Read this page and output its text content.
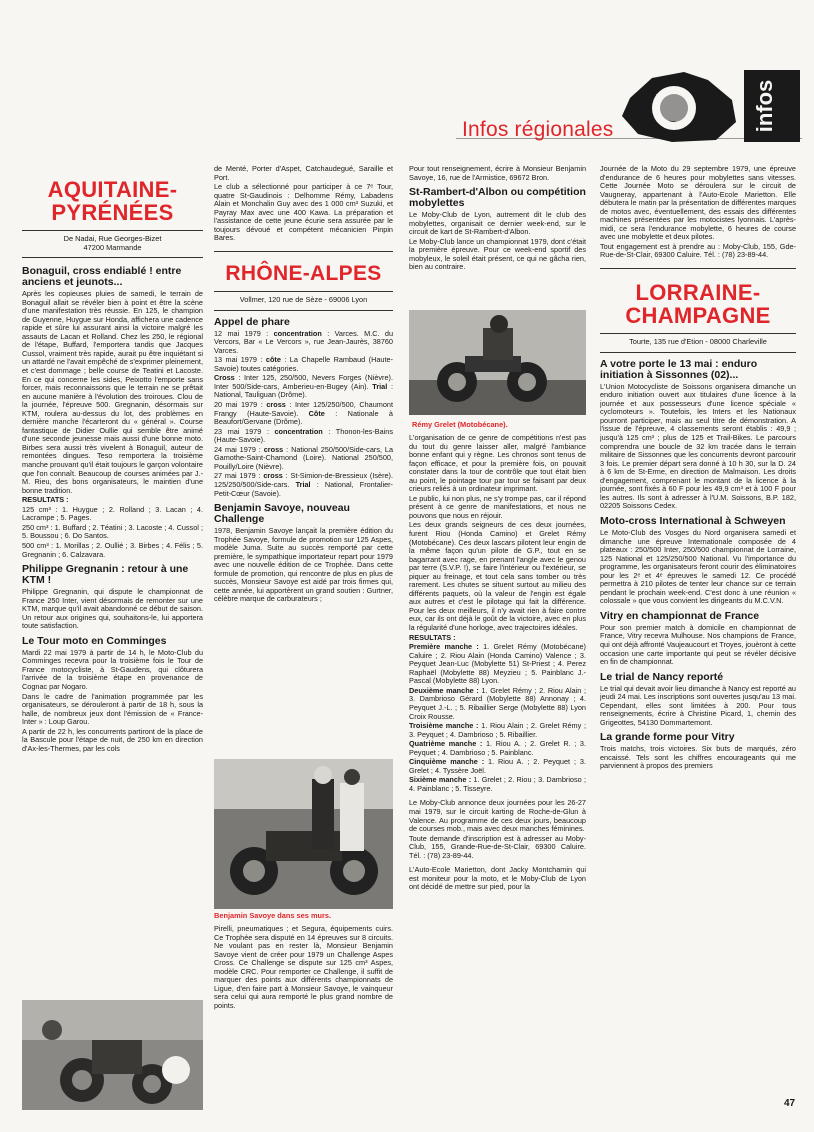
Infos régionales	infos
AQUITAINE-
PYRÉNÉES
De Nadai, Rue Georges-Bizet
47200 Marmande
Bonaguil, cross endiablé ! entre anciens et jeunots...

Après les copieuses pluies de samedi, le terrain de Bonaguil allait se révéler bien à point et être la scène d'une manifestation très réussie. En 125, le champion de Guyenne, Huygue sur Honda, affichera une cadence rapide et sûre lui assurant ainsi la victoire malgré les assauts de Lacan et Rolland. Chez les 250, le régional de l'étape, Buffard, l'emportera tandis que Jacques Cussol, vraiment très rapide, aurait pu être inquiétant si un attardé ne l'avait empêché de s'exprimer pleinement, et c'est dommage ; belle course de Teatini et Lacoste. En ce qui concerne les sides, Peixotto l'emporte sans forcer, mais reconnaissons que le terrain ne se prêtait en aucune manière à l'évolution des troiroues. Clou de la journée, l'épreuve 500. Gregnanin, désormais sur KTM, roulera au-dessus du lot, des problèmes en dernière manche l'écarteront du « général ». Course fantastique de Didier Oullie qui semble être animé d'une seconde jeunesse mais aussi d'une bonne moto. Birbes sera aussi très vivelent à Bonaguil, auteur de remontées dingues. Teso remportera la troisième manche prouvant qu'il était toujours le garçon volontaire que l'on connaît. Beaucoup de courses animées par J.-M. Rieu, des bons organisateurs, le maintien d'une bonne tradition.

RESULTATS :

125 cm³ : 1. Huygue ; 2. Rolland ; 3. Lacan ; 4. Lacrampe ; 5. Pages.

250 cm³ : 1. Buffard ; 2. Téatini ; 3. Lacoste ; 4. Cussol ; 5. Boussou ; 6. Do Santos.

500 cm³ : 1. Morillas ; 2. Oullié ; 3. Birbes ; 4. Félis ; 5. Gregnanin ; 6. Calzavara.

Philippe Gregnanin : retour à une KTM !

Philippe Gregnanin, qui dispute le championnat de France 250 Inter, vient désormais de remonter sur une KTM, marque qu'il avait abandonné ce début de saison. Un retour aux origines qui, souhaitons-le, lui apportera toute satisfaction.

Le Tour moto en Comminges

Mardi 22 mai 1979 à partir de 14 h, le Moto-Club du Comminges recevra pour la troisième fois le Tour de France motocycliste, à St-Gaudens, qui clôturera l'arrivée de la troisième étape en provenance de Cognac par Nogaro.

Dans le cadre de l'animation programmée par les organisateurs, se dérouleront à partir de 18 h, sous la halle, de nombreux jeux dont l'émission de « France-Inter » : Loup Garou.

A partir de 22 h, les concurrents partiront de la place de la Bascule pour l'étape de nuit, de 250 km en direction d'Ax-les-Thermes, par les cols

de Menté, Porter d'Aspet, Catchaudegué, Saraille et Port.

Le club a sélectionné pour participer à ce 7ᵉ Tour, quatre St-Gaudinois : Delhomme Rémy, Labadens Alain et Monchalin Guy avec des 1 000 cm³ Suzuki, et Payray Max avec une 400 Kawa. La préparation et l'assistance de cette jeune écurie sera assurée par le toujours dévoué et compétent mécanicien Pinpin Bares.

RHÔNE-ALPES
Vollmer, 120 rue de Sèze - 69006 Lyon
Appel de phare

12 mai 1979 : concentration : Varces. M.C. du Vercors, Bar « Le Vercors », rue Jean-Jaurès, 38760 Varces.

13 mai 1979 : côte : La Chapelle Rambaud (Haute-Savoie) toutes catégories.

Cross : Inter 125, 250/500, Nevers Forges (Nièvre). Inter 500/Side-cars, Amberieu-en-Bugey (Ain). Trial : National, Tauliguan (Drôme).

20 mai 1979 : cross : Inter 125/250/500, Chaumont Frangy (Haute-Savoie). Côte : Nationale à Beaufort/Gervane (Drôme).

23 mai 1979 : concentration : Thonon-les-Bains (Haute-Savoie).

24 mai 1979 : cross : National 250/500/Side-cars, La Gamothe-Saint-Chamond (Loire). National 250/500, Pouilly/Loire (Nièvre).

27 mai 1979 : cross : St-Simion-de-Bressieux (Isère). 125/250/500/Side-cars. Trial : National, Frontalier-Petit-Cœur (Savoie).

Benjamin Savoye, nouveau Challenge

1978, Benjamin Savoye lançait la première édition du Trophée Savoye, formule de promotion sur 125 Aspes, modèle Juma. Suite au succès remporté par cette première, le sympathique importateur repart pour 1979 avec une nouvelle édition de ce Trophée. Dans cette formule de promotion, qui rencontre de plus en plus de succès, Monsieur Savoye est aidé par trois firmes qui, cette année, lui apportèrent un grand soutien : Gurtner, célèbre marque de carburateurs ;

Benjamin Savoye dans ses murs.

Pirelli, pneumatiques ; et Segura, équipements cuirs. Ce Trophée sera disputé en 14 épreuves sur 8 circuits. Ne voulant pas en rester là, Monsieur Benjamin Savoye vient de créer pour 1979 un Challenge Aspes Cross. Ce Challenge se dispute sur 125 cm³ Aspes, modèle CRC. Pour remporter ce Challenge, il suffit de marquer des points aux différents championnats de Ligue, d'en faire part à Monsieur Savoye, le vainqueur sera celui qui aura remporté le plus grand nombre de points.

Pour tout renseignement, écrire à Monsieur Benjamin Savoye, 16, rue de l'Armistice, 69672 Bron.

St-Rambert-d'Albon ou compétition mobylettes

Le Moby-Club de Lyon, autrement dit le club des mobylettes, organisait ce dernier week-end, sur le circuit de kart de St-Rambert-d'Albon.

Le Moby-Club lance un championnat 1979, dont c'était la première épreuve. Pour ce week-end sportif des mobyleux, le soleil était présent, ce qui ne gâcha rien, bien au contraire.

Rémy Grelet (Motobécane).

L'organisation de ce genre de compétitions n'est pas du tout du genre laisser aller, malgré l'ambiance bonne enfant qui y règne. Les chronos sont tenus de façon efficace, et pour la première fois, on pouvait constater dans la tour de contrôle que tout était bien au point, le pointage tour par tour se faisant par deux crieurs reliés à un ordinateur imprimant.

Le public, lui non plus, ne s'y trompe pas, car il répond présent à ce genre de manifestations, et nous ne pouvons que nous en réjouir.

Les deux grands seigneurs de ces deux journées, furent Riou (Honda Camino) et Grelet Rémy (Motobécane). Ces deux lascars pilotent leur engin de la même façon qu'un pilote de G.P., tout en se bagarrant avec rage, en prenant l'angle avec le genou par terre (S.V.P. !), se faire l'intérieur ou l'extérieur, se piquer au freinage, et tout cela sans tomber ou très rarement. Les chutes se situent surtout au milieu des différents paquets, où la valeur de l'engin est égale aux autres et c'est le pilotage qui fait la différence. Pour les deux meilleurs, il n'y avait rien à faire contre eux, car ils ont déjà le goût de la victoire, avec en plus la régularité d'une horloge, avec trajectoires idéales.

RESULTATS :

Première manche : 1. Grelet Rémy (Motobécane) Caluire ; 2. Riou Alain (Honda Camino) Valence ; 3. Peyquet Jean-Luc (Mobylette 51) St-Priest ; 4. Perez Raphaël (Mobylette 88) Meyzieu ; 5. Painblanc J.-Pascal (Mobylette 88) Lyon.

Deuxième manche : 1. Grelet Rémy ; 2. Riou Alain ; 3. Dambrioso Gérard (Mobylette 88) Annonay ; 4. Peyquet J.-L. ; 5. Ribaillier Serge (Mobylette 88) Lyon Croix Rousse.

Troisième manche : 1. Riou Alain ; 2. Grelet Rémy ; 3. Peyquet ; 4. Dambrioso ; 5. Ribaillier.

Quatrième manche : 1. Riou A. ; 2. Grelet R. ; 3. Peyquet ; 4. Dambrioso ; 5. Painblanc.

Cinquième manche : 1. Riou A. ; 2. Peyquet ; 3. Grelet ; 4. Tyssère Joël.

Sixième manche : 1. Grelet ; 2. Riou ; 3. Dambrioso ; 4. Painblanc ; 5. Tisseyre.

Le Moby-Club annonce deux journées pour les 26-27 mai 1979, sur le circuit karting de Roche-de-Glun à Valence. Au programme de ces deux jours, beaucoup de courses mob., mais avec deux manches féminines.

Toute demande d'inscription est à adresser au Moby-Club, 155, Grande-Rue-de-St-Clair, 69300 Caluire. Tél. : (78) 23-89-44.

L'Auto-Ecole Marietton, dont Jacky Montchamin qui est moniteur pour la moto, et le Moby-Club de Lyon ont décidé de mettre sur pied, pour la

Journée de la Moto du 29 septembre 1979, une épreuve d'endurance de 6 heures pour mobylettes sans vitesses. Cette Journée Moto se déroulera sur le circuit de Vaugneray, appartenant à l'Auto-Ecole Marietton. Elle débutera le matin par la présentation de différentes marques de motos avec, éventuellement, des essais des différentes machines présentées par les motocistes lyonnais. L'après-midi, ce sera l'endurance mobylette, 6 heures de course avec une mobylette et deux pilotes.

Tout engagement est à prendre au : Moby-Club, 155, Gde-Rue-de-St-Clair, 69300 Caluire. Tél. : (78) 23-89-44.

LORRAINE-
CHAMPAGNE
Tourte, 135 rue d'Etion - 08000 Charleville
A votre porte le 13 mai : enduro initiation à Sissonnes (02)...

L'Union Motocycliste de Soissons organisera dimanche un enduro initiation ouvert aux titulaires d'une licence à la journée et aux possesseurs d'une licence spéciale « cyclomoteurs ». Toutefois, les Inters et les Nationaux pourront participer, mais au seul titre de démonstration. A l'issue de l'épreuve, 4 classements seront établis : 49,9 ; jusqu'à 125 cm³ ; plus de 125 et Trail-Bikes. Le parcours comprendra une boucle de 32 km tracée dans le terrain militaire de Sissonnes que les concurrents devront parcourir 3 fois. Le premier départ sera donné à 10 h 30, sur la D. 24 à 6 km de St-Erme, en direction de Malmaison. Les droits d'engagement, comprenant le montant de la licence à la journée, sont fixés à 60 F pour les 49,9 cm³ et à 100 F pour les autres. Ils sont à adresser à l'U.M. Soissons, B.P. 182, 02205 Soissons Cedex.

Moto-cross International à Schweyen

Le Moto-Club des Vosges du Nord organisera samedi et dimanche une épreuve Internationale composée de 4 plateaux : 250/500 Inter, 250/500 championnat de Lorraine, 125 National et 125/250/500 National. Vu l'importance du programme, les organisateurs feront courir des éliminatoires pour les 2ᵉ et 4ᵉ épreuves le samedi 12. Ce procédé permettra à 210 pilotes de tenter leur chance sur ce terrain pendant le prochain week-end. C'est donc à une réunion « colossale » que vous convient les dirigeants du M.C.V.N.

Vitry en championnat de France

Pour son premier match à domicile en championnat de France, Vitry recevra Mulhouse. Nos champions de France, qui ont déjà affronté Vaujeaucourt et Troyes, jouèront à cette occasion une carte importante qui peut se révéler décisive en fin de championnat.

Le trial de Nancy reporté

Le trial qui devait avoir lieu dimanche à Nancy est reporté au jeudi 24 mai. Les inscriptions sont ouvertes jusqu'au 13 mai. Cependant, elles sont limitées à 200. Pour tous renseignements, écrire à Christine Picard, 1, chemin des Grigeottes, 54130 Dommartemont.

La grande forme pour Vitry

Trois matchs, trois victoires. Six buts de marqués, zéro encaissé. Tels sont les chiffres encourageants qui me parviennent à propos des premiers

47
